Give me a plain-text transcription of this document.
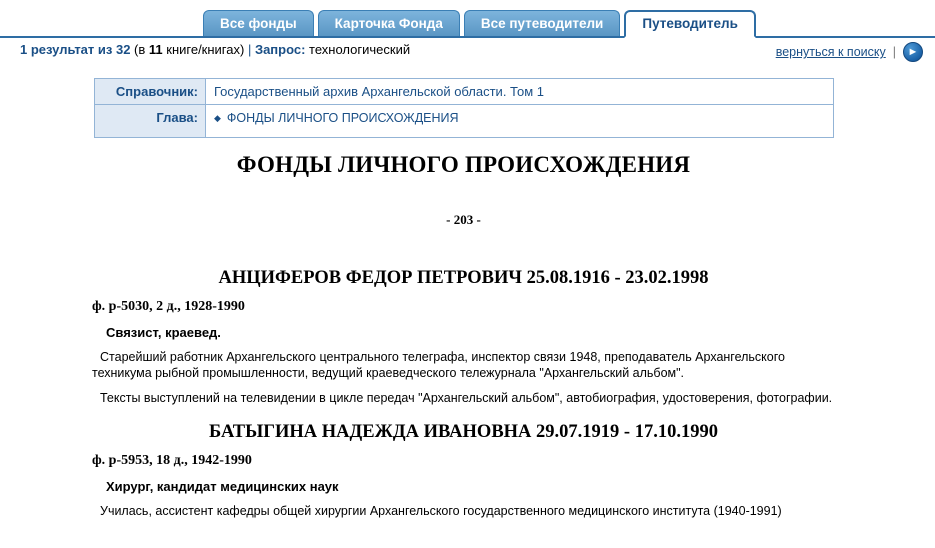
Все фонды	Карточка Фонда	Все путеводители	Путеводитель
1 результат из 32 (в 11 книге/книгах) | Запрос: технологический	вернуться к поиску |	►
Справочник:	Государственный архив Архангельской области. Том 1
Глава:	◆ ФОНДЫ ЛИЧНОГО ПРОИСХОЖДЕНИЯ
ФОНДЫ ЛИЧНОГО ПРОИСХОЖДЕНИЯ
- 203 -
АНЦИФЕРОВ ФЕДОР ПЕТРОВИЧ 25.08.1916 - 23.02.1998
ф. р-5030, 2 д., 1928-1990
Связист, краевед.
Старейший работник Архангельского центрального телеграфа, инспектор связи 1948, преподаватель Архангельского техникума рыбной промышленности, ведущий краеведческого тележурнала "Архангельский альбом".
Тексты выступлений на телевидении в цикле передач "Архангельский альбом", автобиография, удостоверения, фотографии.
БАТЫГИНА НАДЕЖДА ИВАНОВНА 29.07.1919 - 17.10.1990
ф. р-5953, 18 д., 1942-1990
Хирург, кандидат медицинских наук
Училась, ассистент кафедры общей хирургии Архангельского государственного медицинского института (1940-1991)
